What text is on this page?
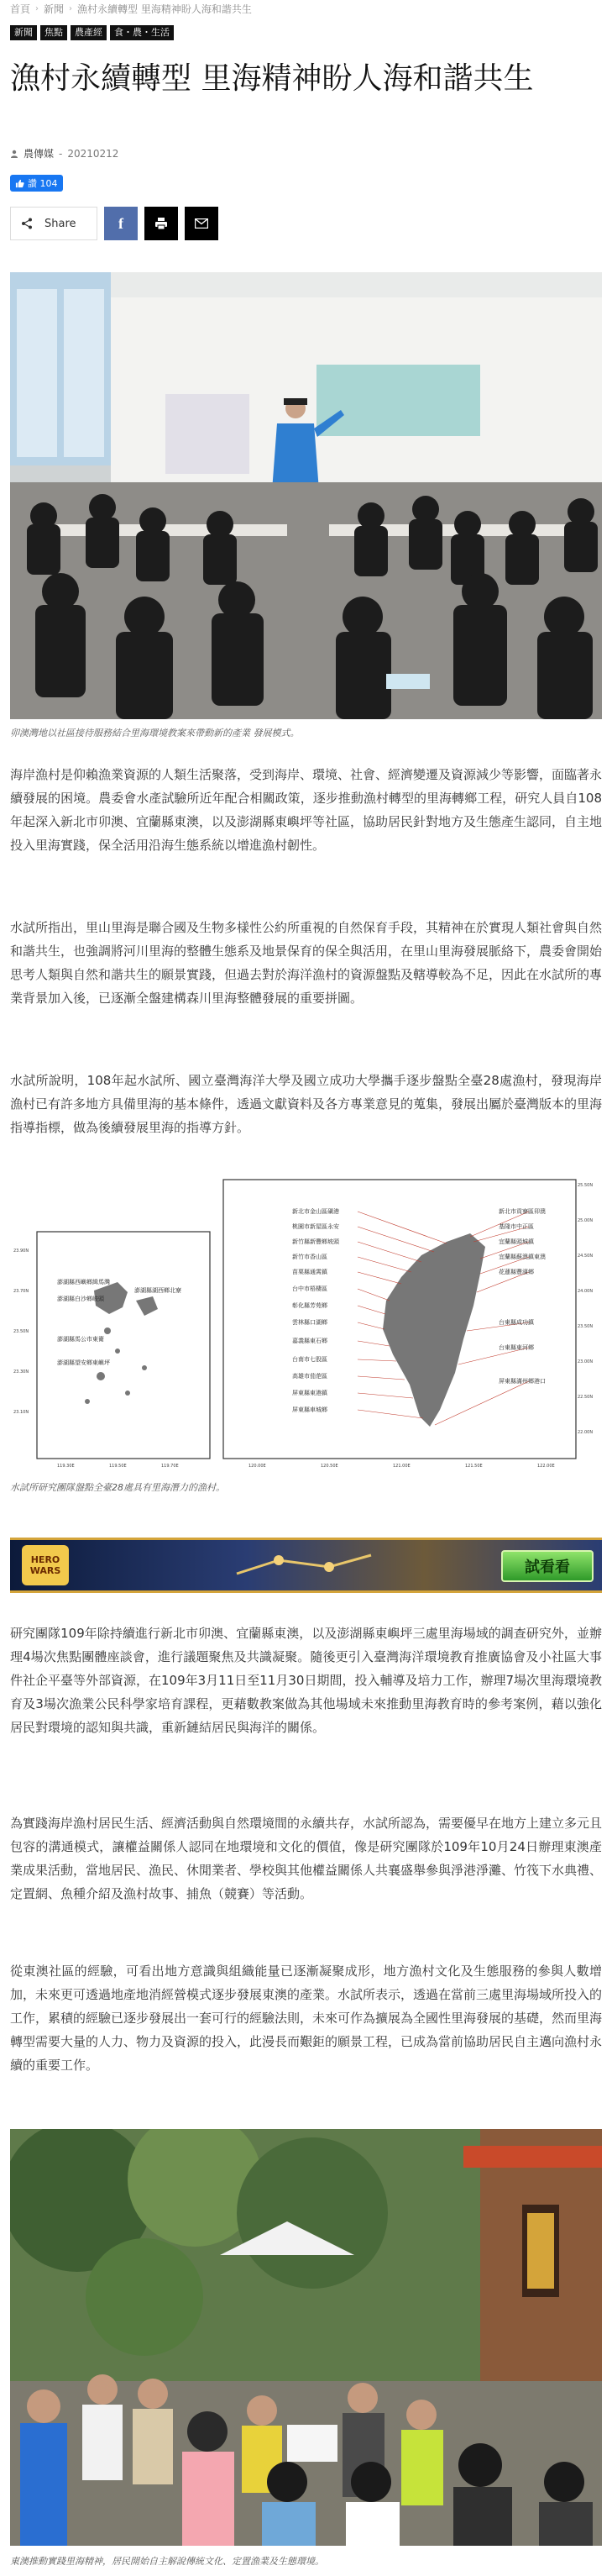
首頁 › 新聞 › 漁村永續轉型 里海精神盼人海和諧共生
新聞	焦點	農產經	食・農・生活
漁村永續轉型 里海精神盼人海和諧共生
農傳媒 - 20210212
讚 104
Share	f
卯澳灣地以社區接待服務結合里海環境教案來帶動新的產業 發展模式。

海岸漁村是仰賴漁業資源的人類生活聚落，受到海岸、環境、社會、經濟變遷及資源減少等影響，面臨著永續發展的困境。農委會水產試驗所近年配合相關政策，逐步推動漁村轉型的里海轉鄉工程，研究人員自108年起深入新北市卯澳、宜蘭縣東澳，以及澎湖縣東嶼坪等社區，協助居民針對地方及生態產生認同，自主地投入里海實踐，保全活用沿海生態系統以增進漁村韌性。

水試所指出，里山里海是聯合國及生物多樣性公約所重視的自然保育手段，其精神在於實現人類社會與自然和諧共生，也強調將河川里海的整體生態系及地景保育的保全與活用，在里山里海發展脈絡下，農委會開始思考人類與自然和諧共生的願景實踐，但過去對於海洋漁村的資源盤點及轄導較為不足，因此在水試所的專業背景加入後，已逐漸全盤建構森川里海整體發展的重要拼圖。

水試所說明，108年起水試所、國立臺灣海洋大學及國立成功大學攜手逐步盤點全臺28處漁村，發現海岸漁村已有許多地方具備里海的基本條件，透過文獻資料及各方專業意見的蒐集，發展出屬於臺灣版本的里海指導指標，做為後續發展里海的指導方針。

澎湖縣西嶼鄉緝馬灣
澎湖縣白沙鄉岐頭
澎湖縣湖西鄉北寮
澎湖縣馬公市東衛
澎湖縣望安鄉東嶼坪
23.90N
23.70N
23.50N
23.30N
23.10N
119.30E	119.50E	119.70E
新北市金山區磺港
桃園市新屋區永安
新竹縣新豐鄉坡頭
新竹市香山區
苗栗縣通霄鎮
台中市梧棲區
彰化縣芳苑鄉
雲林縣口湖鄉
嘉義縣東石鄉
台南市七股區
高雄市茄萣區
屏東縣東港鎮
屏東縣車城鄉
新北市貢寮區卯澳
基隆市中正區
宜蘭縣頭城鎮
宜蘭縣蘇澳鎮東澳
花蓮縣豐濱鄉
台東縣成功鎮
台東縣東河鄉
屏東縣滿州鄉港口
25.50N
25.00N
24.50N
24.00N
23.50N
23.00N
22.50N
22.00N
120.00E	120.50E	121.00E	121.50E	122.00E
水試所研究團隊盤點全臺28處具有里海潛力的漁村。
HERO
WARS	試看看

研究團隊109年除持續進行新北市卯澳、宜蘭縣東澳，以及澎湖縣東嶼坪三處里海場域的調查研究外，並辦理4場次焦點團體座談會，進行議題聚焦及共識凝聚。隨後更引入臺灣海洋環境教育推廣協會及小社區大事件社企平臺等外部資源，在109年3月11日至11月30日期間，投入輔導及培力工作，辦理7場次里海環境教育及3場次漁業公民科學家培育課程，更藉數教案做為其他場域未來推動里海教育時的參考案例，藉以強化居民對環境的認知與共識，重新鏈結居民與海洋的關係。

為實踐海岸漁村居民生活、經濟活動與自然環境間的永續共存，水試所認為，需要優早在地方上建立多元且包容的溝通模式，讓權益關係人認同在地環境和文化的價值，像是研究團隊於109年10月24日辦理東澳產業成果活動，當地居民、漁民、休閒業者、學校與其他權益關係人共襄盛舉參與淨港淨灘、竹筏下水典禮、定置網、魚種介紹及漁村故事、捕魚（競賽）等活動。

從東澳社區的經驗，可看出地方意識與組織能量已逐漸凝聚成形，地方漁村文化及生態服務的參與人數增加，未來更可透過地產地消經營模式逐步發展東澳的產業。水試所表示，透過在當前三處里海場域所投入的工作，累積的經驗已逐步發展出一套可行的經驗法則，未來可作為擴展為全國性里海發展的基礎，然而里海轉型需要大量的人力、物力及資源的投入，此漫長而艱鉅的願景工程，已成為當前協助居民自主邁向漁村永續的重要工作。

東澳推動實踐里海精神，居民開始自主解說傳統文化、定置漁業及生態環境。
